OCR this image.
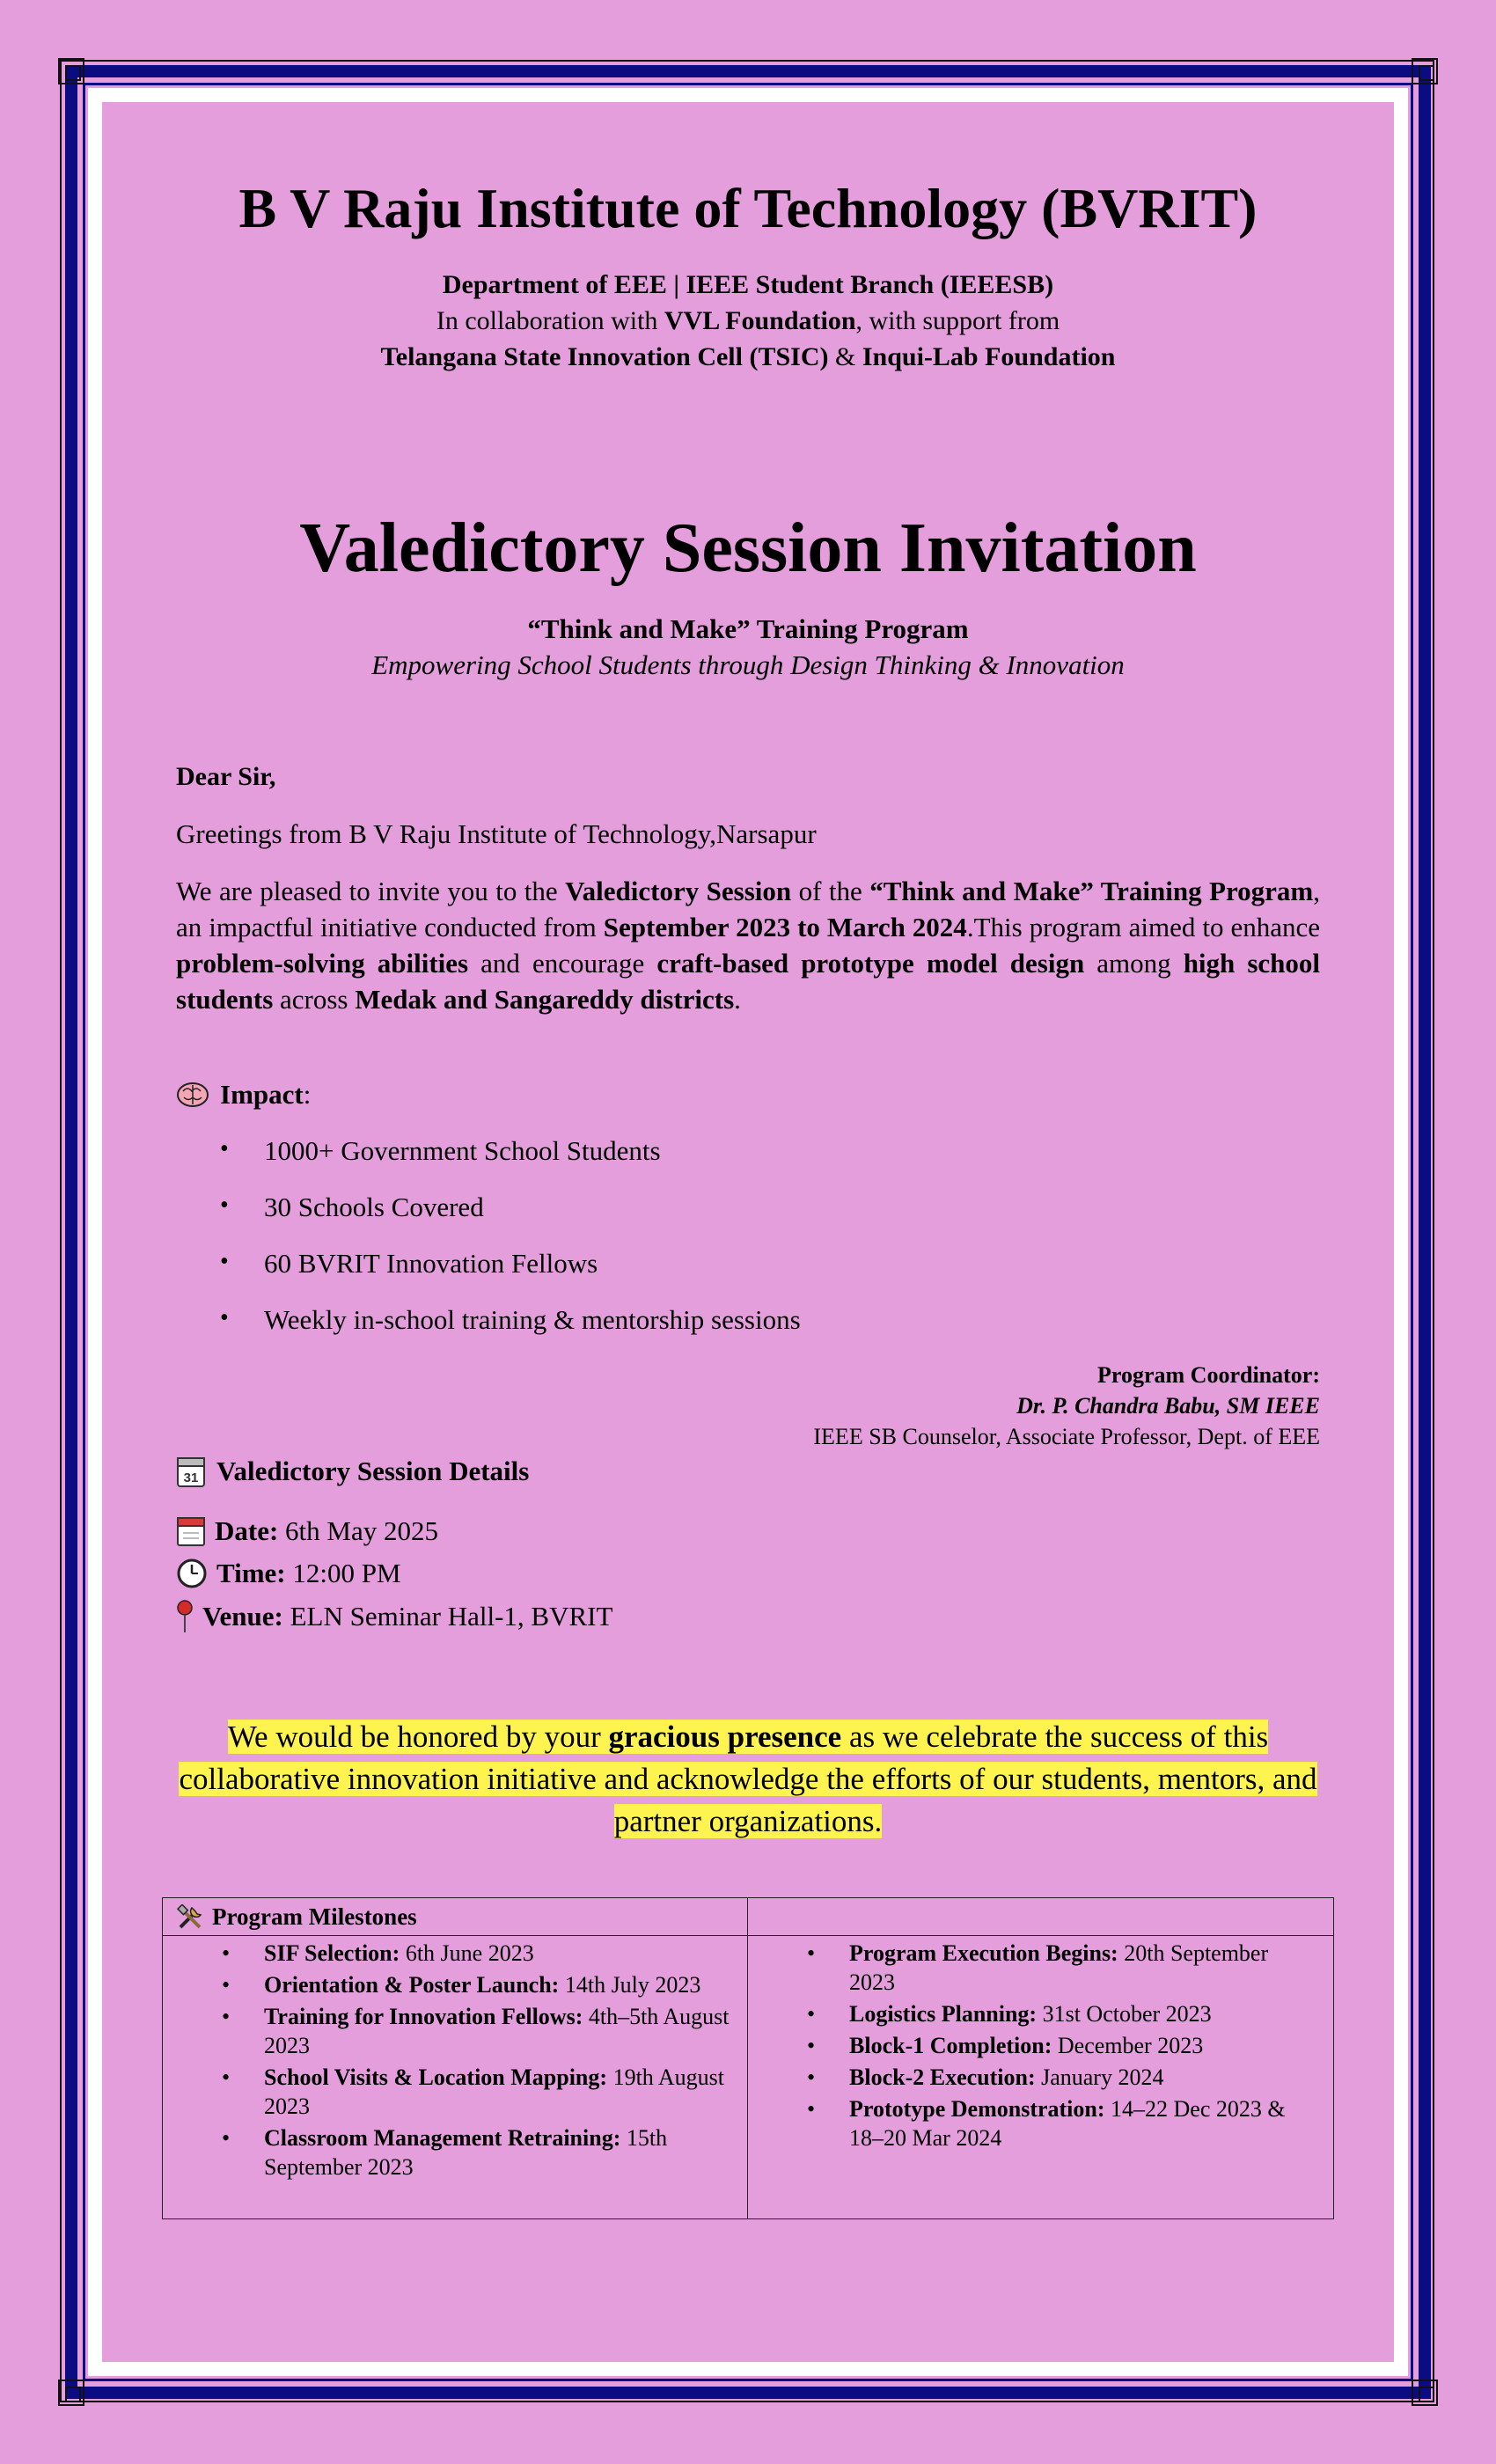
B V Raju Institute of Technology (BVRIT)
Department of EEE | IEEE Student Branch (IEEESB)
In collaboration with VVL Foundation, with support from
Telangana State Innovation Cell (TSIC) & Inqui-Lab Foundation
Valedictory Session Invitation
“Think and Make” Training Program
Empowering School Students through Design Thinking & Innovation
Dear Sir,
Greetings from B V Raju Institute of Technology,Narsapur
We are pleased to invite you to the Valedictory Session of the “Think and Make” Training Program, an impactful initiative conducted from September 2023 to March 2024.This program aimed to enhance problem-solving abilities and encourage craft-based prototype model design among high school students across Medak and Sangareddy districts.
Impact:
• 1000+ Government School Students
• 30 Schools Covered
• 60 BVRIT Innovation Fellows
• Weekly in-school training & mentorship sessions
Program Coordinator:
Dr. P. Chandra Babu, SM IEEE
IEEE SB Counselor, Associate Professor, Dept. of EEE
31 Valedictory Session Details
Date: 6th May 2025
Time: 12:00 PM
Venue: ELN Seminar Hall-1, BVRIT
We would be honored by your gracious presence as we celebrate the success of this collaborative innovation initiative and acknowledge the efforts of our students, mentors, and partner organizations.
Program Milestones
• SIF Selection: 6th June 2023
• Orientation & Poster Launch: 14th July 2023
• Training for Innovation Fellows: 4th–5th August 2023
• School Visits & Location Mapping: 19th August 2023
• Classroom Management Retraining: 15th September 2023
• Program Execution Begins: 20th September 2023
• Logistics Planning: 31st October 2023
• Block-1 Completion: December 2023
• Block-2 Execution: January 2024
• Prototype Demonstration: 14–22 Dec 2023 & 18–20 Mar 2024
